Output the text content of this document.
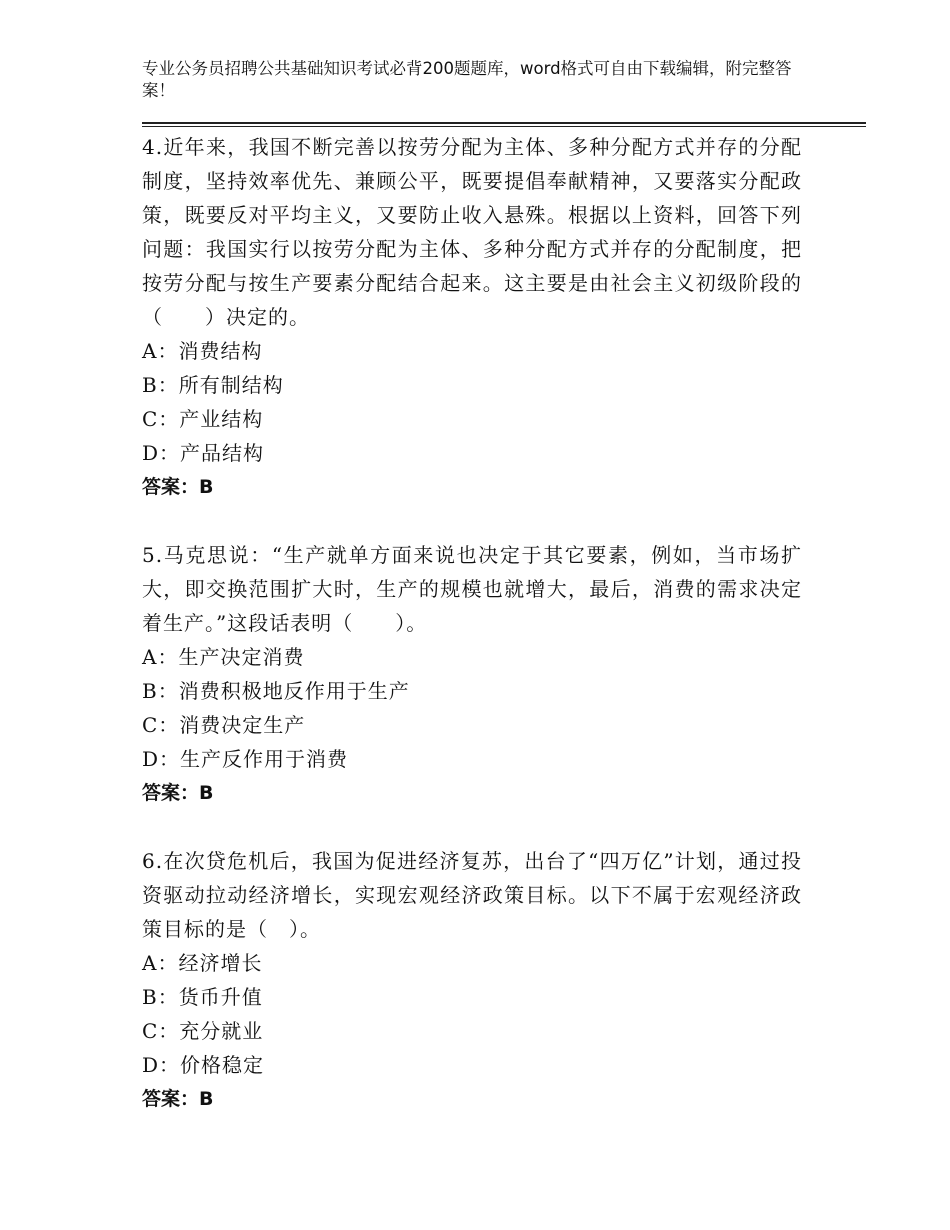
专业公务员招聘公共基础知识考试必背200题题库，word格式可自由下载编辑，附完整答案！

4.近年来，我国不断完善以按劳分配为主体、多种分配方式并存的分配制度，坚持效率优先、兼顾公平，既要提倡奉献精神，又要落实分配政策，既要反对平均主义，又要防止收入悬殊。根据以上资料，回答下列问题：我国实行以按劳分配为主体、多种分配方式并存的分配制度，把按劳分配与按生产要素分配结合起来。这主要是由社会主义初级阶段的（　　）决定的。

A：消费结构

B：所有制结构

C：产业结构

D：产品结构

答案：B

5.马克思说：“生产就单方面来说也决定于其它要素，例如，当市场扩大，即交换范围扩大时，生产的规模也就增大，最后，消费的需求决定着生产。”这段话表明（　　）。

A：生产决定消费

B：消费积极地反作用于生产

C：消费决定生产

D：生产反作用于消费

答案：B

6.在次贷危机后，我国为促进经济复苏，出台了“四万亿”计划，通过投资驱动拉动经济增长，实现宏观经济政策目标。以下不属于宏观经济政策目标的是（　）。

A：经济增长

B：货币升值

C：充分就业

D：价格稳定

答案：B
